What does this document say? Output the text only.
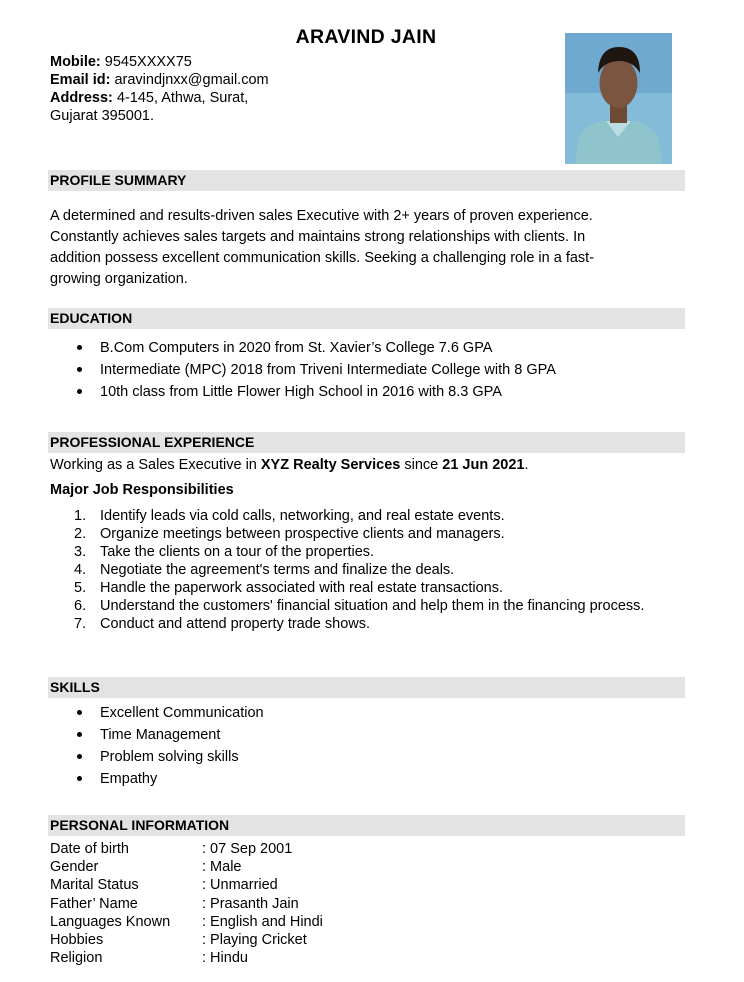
ARAVIND JAIN
Mobile: 9545XXXX75
Email id: aravindjnxx@gmail.com
Address: 4-145, Athwa, Surat,
Gujarat 395001.
PROFILE SUMMARY
A determined and results-driven sales Executive with 2+ years of proven experience.
Constantly achieves sales targets and maintains strong relationships with clients. In
addition possess excellent communication skills. Seeking a challenging role in a fast-
growing organization.
EDUCATION
B.Com Computers in 2020 from St. Xavier’s College 7.6 GPA
Intermediate (MPC) 2018 from Triveni Intermediate College with 8 GPA
10th class from Little Flower High School in 2016 with 8.3 GPA
PROFESSIONAL EXPERIENCE
Working as a Sales Executive in XYZ Realty Services since 21 Jun 2021.
Major Job Responsibilities
1. Identify leads via cold calls, networking, and real estate events.
2. Organize meetings between prospective clients and managers.
3. Take the clients on a tour of the properties.
4. Negotiate the agreement's terms and finalize the deals.
5. Handle the paperwork associated with real estate transactions.
6. Understand the customers' financial situation and help them in the financing process.
7. Conduct and attend property trade shows.
SKILLS
Excellent Communication
Time Management
Problem solving skills
Empathy
PERSONAL INFORMATION
Date of birth	: 07 Sep 2001
Gender	: Male
Marital Status	: Unmarried
Father’ Name	: Prasanth Jain
Languages Known	: English and Hindi
Hobbies	: Playing Cricket
Religion	: Hindu
